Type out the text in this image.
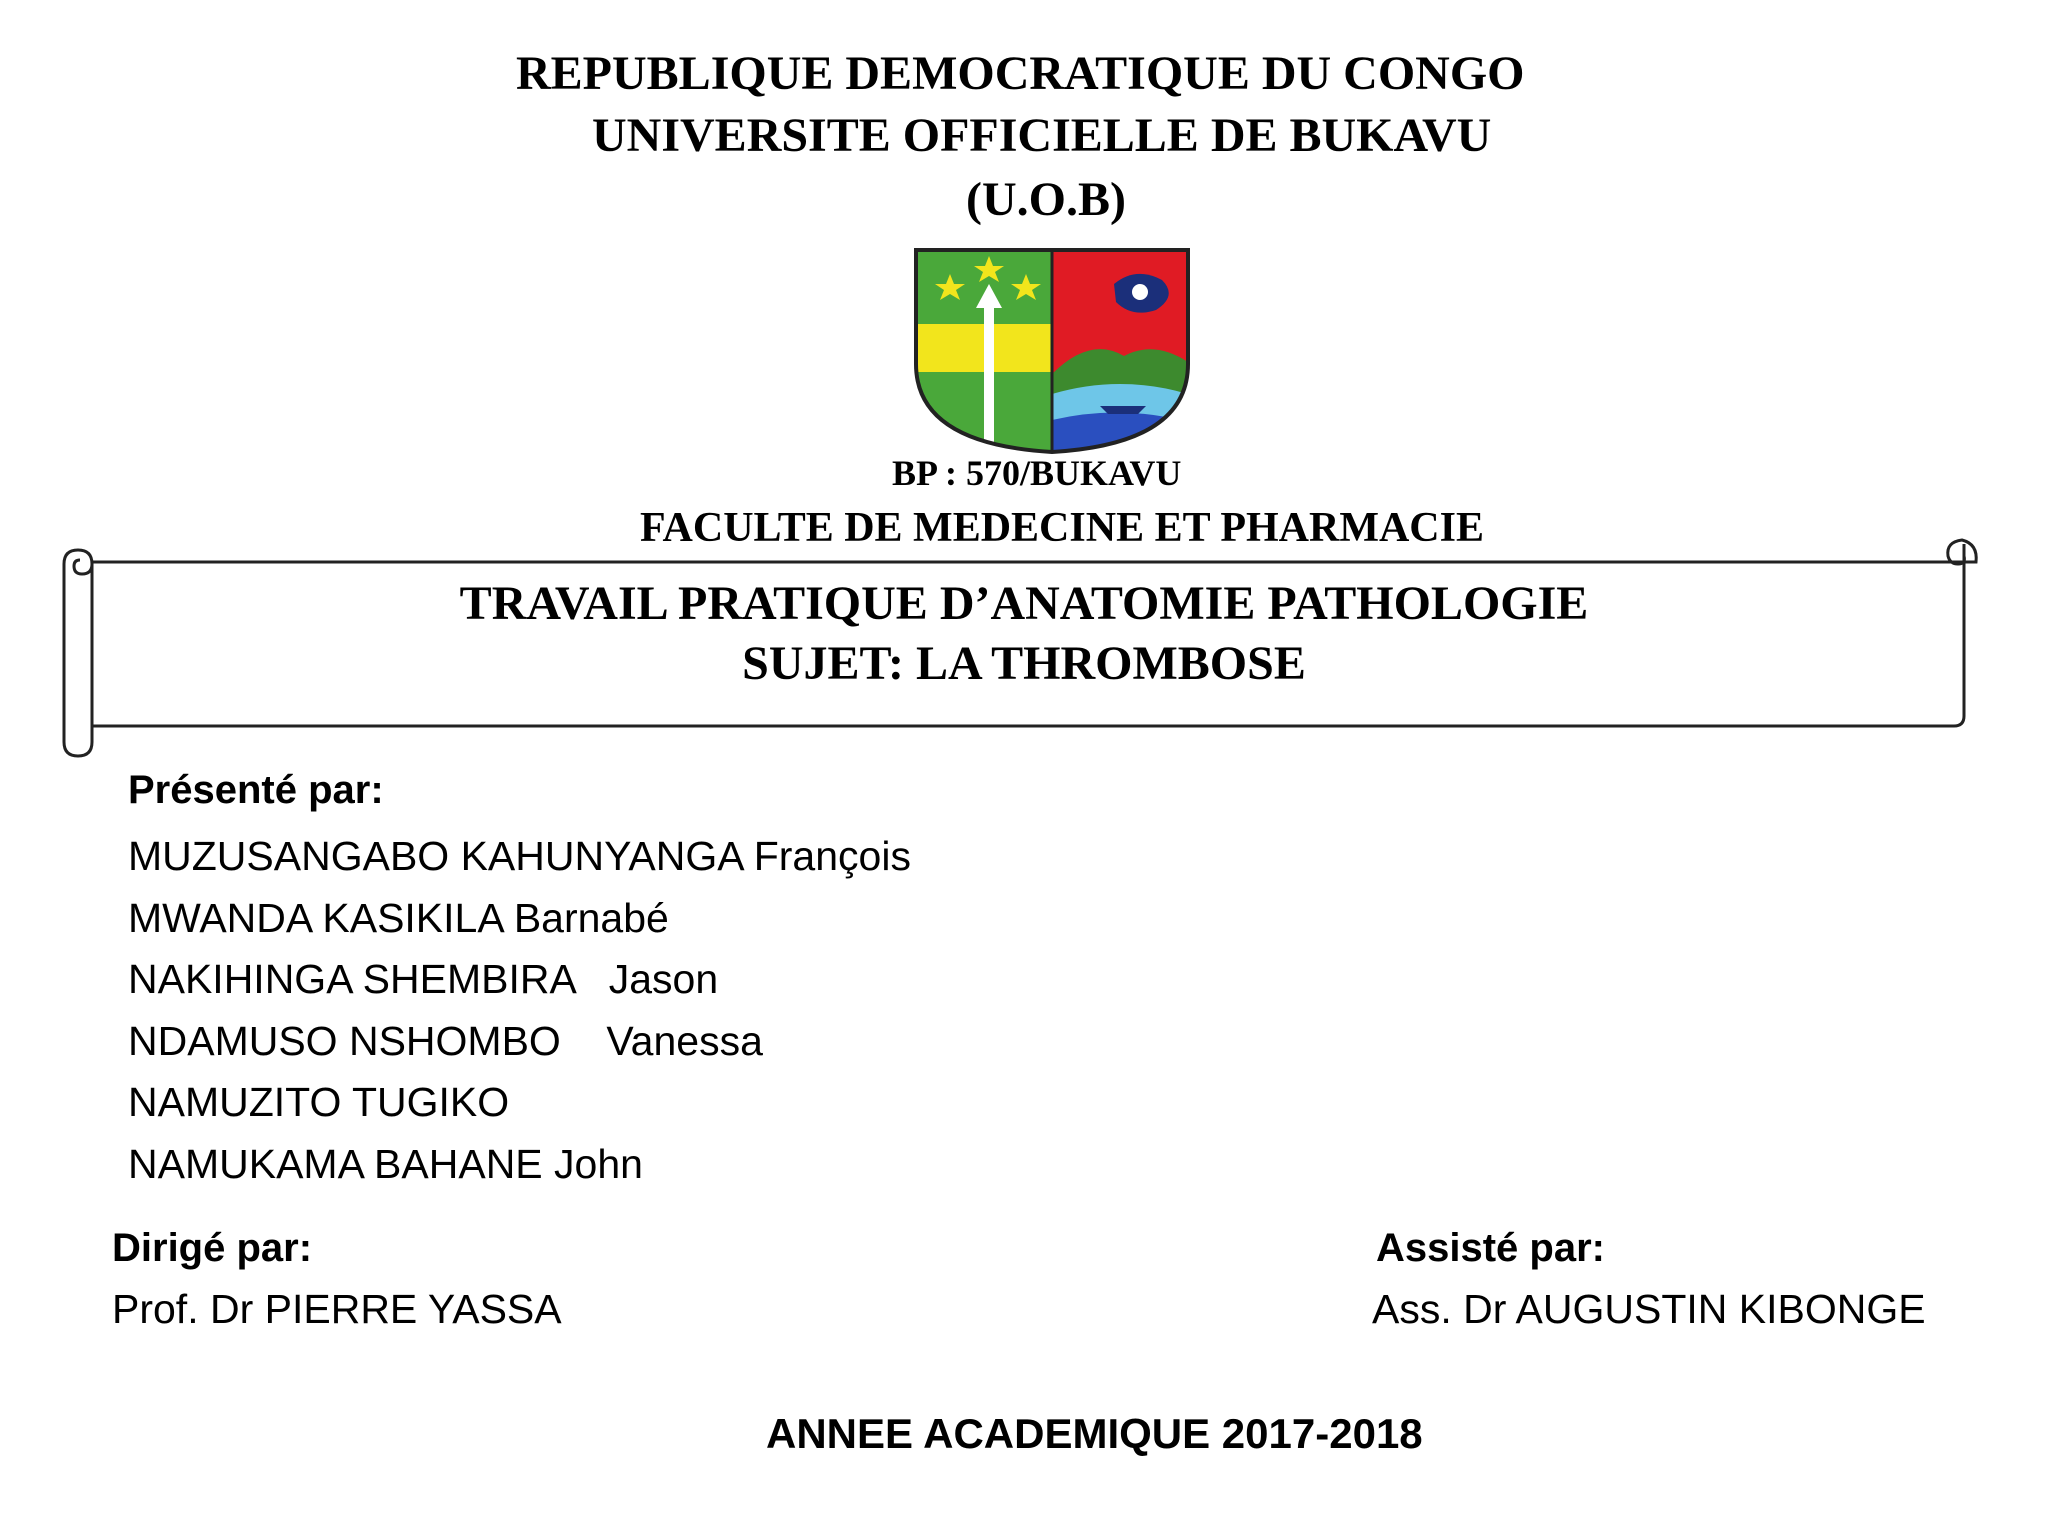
REPUBLIQUE DEMOCRATIQUE DU CONGO
UNIVERSITE OFFICIELLE DE BUKAVU
(U.O.B)
BP : 570/BUKAVU
FACULTE DE MEDECINE ET PHARMACIE
TRAVAIL PRATIQUE D’ANATOMIE PATHOLOGIE
SUJET: LA THROMBOSE
Présenté par:
MUZUSANGABO KAHUNYANGA François
MWANDA KASIKILA Barnabé
NAKIHINGA SHEMBIRA   Jason
NDAMUSO NSHOMBO    Vanessa
NAMUZITO TUGIKO
NAMUKAMA BAHANE John
Dirigé par:
Prof. Dr PIERRE YASSA
Assisté par:
Ass. Dr AUGUSTIN KIBONGE
ANNEE ACADEMIQUE 2017-2018
